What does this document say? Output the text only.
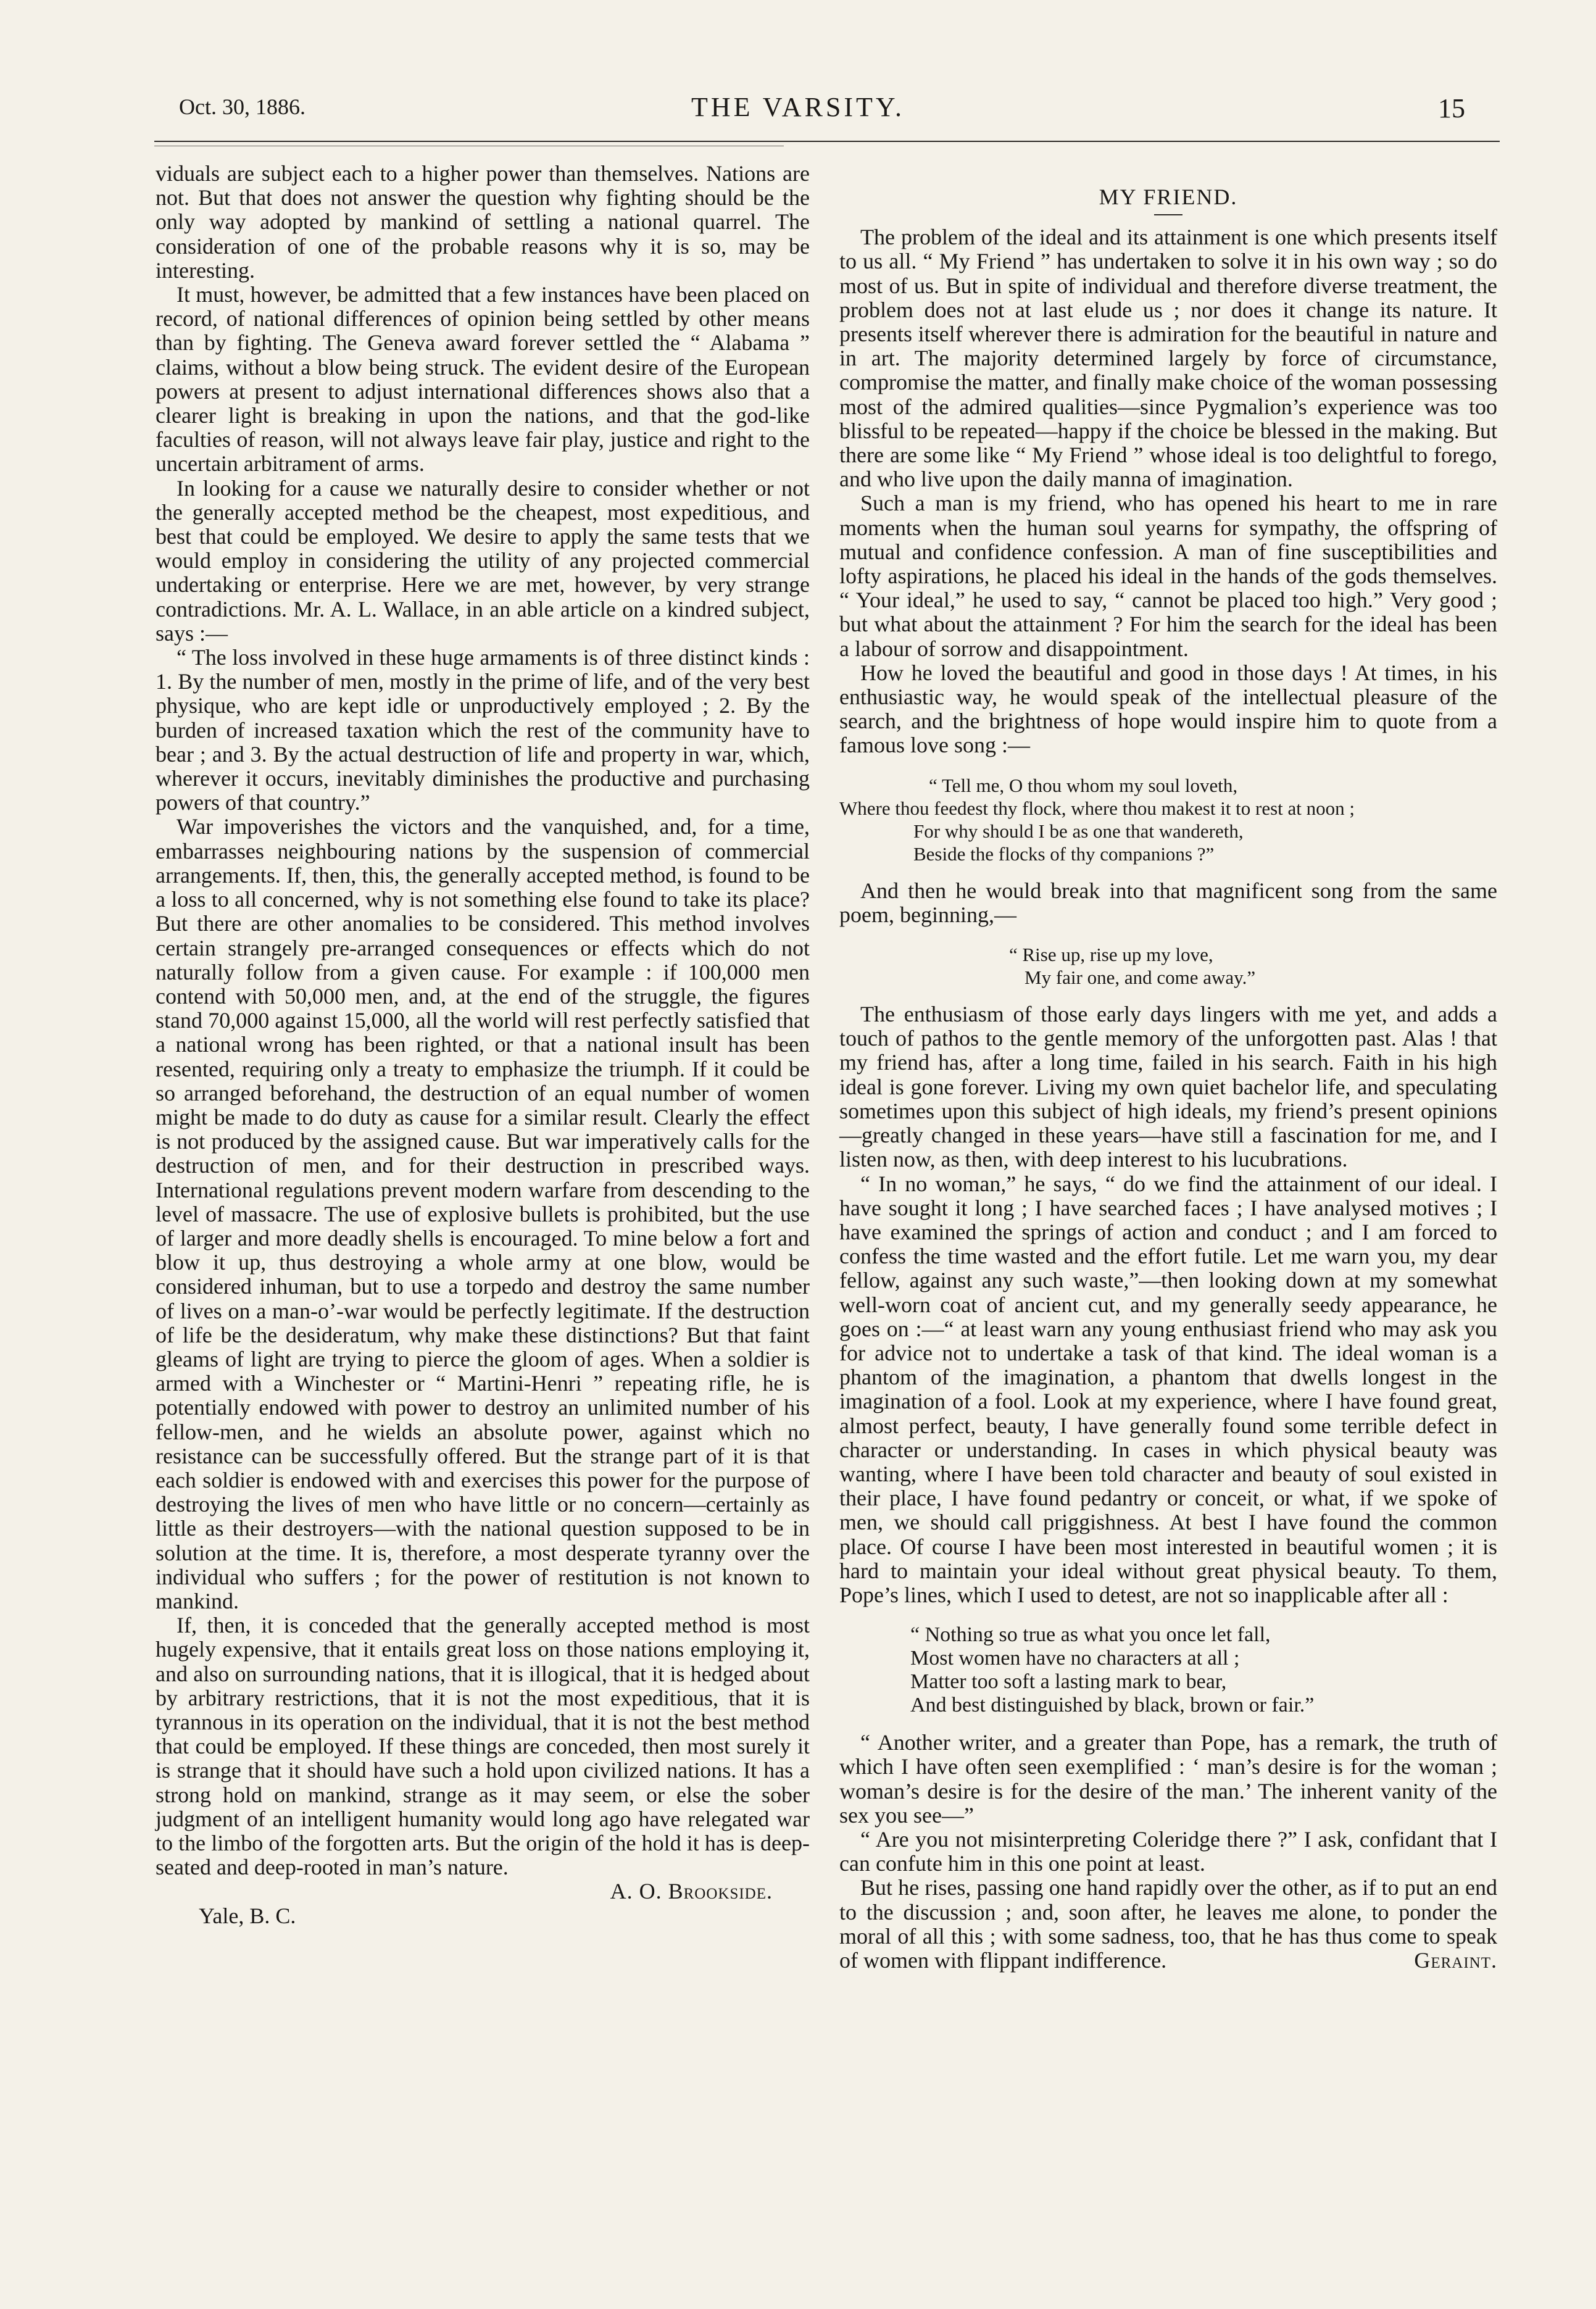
Oct. 30, 1886.	THE VARSITY.	15

viduals are subject each to a higher power than themselves. Nations are not. But that does not answer the question why fighting should be the only way adopted by mankind of settling a national quarrel. The consideration of one of the probable reasons why it is so, may be interesting.

It must, however, be admitted that a few instances have been placed on record, of national differences of opinion being settled by other means than by fighting. The Geneva award forever settled the “ Alabama ” claims, without a blow being struck. The evident desire of the European powers at present to adjust international differences shows also that a clearer light is breaking in upon the nations, and that the god-like faculties of reason, will not always leave fair play, justice and right to the uncertain arbitrament of arms.

In looking for a cause we naturally desire to consider whether or not the generally accepted method be the cheapest, most expeditious, and best that could be employed. We desire to apply the same tests that we would employ in considering the utility of any projected commercial undertaking or enterprise. Here we are met, however, by very strange contradictions. Mr. A. L. Wallace, in an able article on a kindred subject, says :—

“ The loss involved in these huge armaments is of three distinct kinds : 1. By the number of men, mostly in the prime of life, and of the very best physique, who are kept idle or unproductively employed ; 2. By the burden of increased taxation which the rest of the community have to bear ; and 3. By the actual destruction of life and property in war, which, wherever it occurs, inevitably diminishes the productive and purchasing powers of that country.”

War impoverishes the victors and the vanquished, and, for a time, embarrasses neighbouring nations by the suspension of commercial arrangements. If, then, this, the generally accepted method, is found to be a loss to all concerned, why is not something else found to take its place? But there are other anomalies to be considered. This method involves certain strangely pre-arranged consequences or effects which do not naturally follow from a given cause. For example : if 100,000 men contend with 50,000 men, and, at the end of the struggle, the figures stand 70,000 against 15,000, all the world will rest perfectly satisfied that a national wrong has been righted, or that a national insult has been resented, requiring only a treaty to emphasize the triumph. If it could be so arranged beforehand, the destruction of an equal number of women might be made to do duty as cause for a similar result. Clearly the effect is not produced by the assigned cause. But war imperatively calls for the destruction of men, and for their destruction in prescribed ways. International regulations prevent modern warfare from descending to the level of massacre. The use of explosive bullets is prohibited, but the use of larger and more deadly shells is encouraged. To mine below a fort and blow it up, thus destroying a whole army at one blow, would be considered inhuman, but to use a torpedo and destroy the same number of lives on a man-o’-war would be perfectly legitimate. If the destruction of life be the desideratum, why make these distinctions? But that faint gleams of light are trying to pierce the gloom of ages. When a soldier is armed with a Winchester or “ Martini-Henri ” repeating rifle, he is potentially endowed with power to destroy an unlimited number of his fellow-men, and he wields an absolute power, against which no resistance can be successfully offered. But the strange part of it is that each soldier is endowed with and exercises this power for the purpose of destroying the lives of men who have little or no concern—certainly as little as their destroyers—with the national question supposed to be in solution at the time. It is, therefore, a most desperate tyranny over the individual who suffers ; for the power of restitution is not known to mankind.

If, then, it is conceded that the generally accepted method is most hugely expensive, that it entails great loss on those nations employing it, and also on surrounding nations, that it is illogical, that it is hedged about by arbitrary restrictions, that it is not the most expeditious, that it is tyrannous in its operation on the individual, that it is not the best method that could be employed. If these things are conceded, then most surely it is strange that it should have such a hold upon civilized nations. It has a strong hold on mankind, strange as it may seem, or else the sober judgment of an intelligent humanity would long ago have relegated war to the limbo of the forgotten arts. But the origin of the hold it has is deep-seated and deep-rooted in man’s nature.

A. O. Brookside.
Yale, B. C.
MY FRIEND.

The problem of the ideal and its attainment is one which presents itself to us all. “ My Friend ” has undertaken to solve it in his own way ; so do most of us. But in spite of individual and therefore diverse treatment, the problem does not at last elude us ; nor does it change its nature. It presents itself wherever there is admiration for the beautiful in nature and in art. The majority determined largely by force of circumstance, compromise the matter, and finally make choice of the woman possessing most of the admired qualities—since Pygmalion’s experience was too blissful to be repeated—happy if the choice be blessed in the making. But there are some like “ My Friend ” whose ideal is too delightful to forego, and who live upon the daily manna of imagination.

Such a man is my friend, who has opened his heart to me in rare moments when the human soul yearns for sympathy, the offspring of mutual and confidence confession. A man of fine susceptibilities and lofty aspirations, he placed his ideal in the hands of the gods themselves. “ Your ideal,” he used to say, “ cannot be placed too high.” Very good ; but what about the attainment ? For him the search for the ideal has been a labour of sorrow and disappointment.

How he loved the beautiful and good in those days ! At times, in his enthusiastic way, he would speak of the intellectual pleasure of the search, and the brightness of hope would inspire him to quote from a famous love song :—

“ Tell me, O thou whom my soul loveth,
Where thou feedest thy flock, where thou makest it to rest at noon ;
For why should I be as one that wandereth,
Beside the flocks of thy companions ?”

And then he would break into that magnificent song from the same poem, beginning,—

“ Rise up, rise up my love,
My fair one, and come away.”

The enthusiasm of those early days lingers with me yet, and adds a touch of pathos to the gentle memory of the unforgotten past. Alas ! that my friend has, after a long time, failed in his search. Faith in his high ideal is gone forever. Living my own quiet bachelor life, and speculating sometimes upon this subject of high ideals, my friend’s present opinions—greatly changed in these years—have still a fascination for me, and I listen now, as then, with deep interest to his lucubrations.

“ In no woman,” he says, “ do we find the attainment of our ideal. I have sought it long ; I have searched faces ; I have analysed motives ; I have examined the springs of action and conduct ; and I am forced to confess the time wasted and the effort futile. Let me warn you, my dear fellow, against any such waste,”—then looking down at my somewhat well-worn coat of ancient cut, and my generally seedy appearance, he goes on :—“ at least warn any young enthusiast friend who may ask you for advice not to undertake a task of that kind. The ideal woman is a phantom of the imagination, a phantom that dwells longest in the imagination of a fool. Look at my experience, where I have found great, almost perfect, beauty, I have generally found some terrible defect in character or understanding. In cases in which physical beauty was wanting, where I have been told character and beauty of soul existed in their place, I have found pedantry or conceit, or what, if we spoke of men, we should call priggishness. At best I have found the common place. Of course I have been most interested in beautiful women ; it is hard to maintain your ideal without great physical beauty. To them, Pope’s lines, which I used to detest, are not so inapplicable after all :

“ Nothing so true as what you once let fall,
Most women have no characters at all ;
Matter too soft a lasting mark to bear,
And best distinguished by black, brown or fair.”

“ Another writer, and a greater than Pope, has a remark, the truth of which I have often seen exemplified : ‘ man’s desire is for the woman ; woman’s desire is for the desire of the man.’ The inherent vanity of the sex you see—”

“ Are you not misinterpreting Coleridge there ?” I ask, confidant that I can confute him in this one point at least.

But he rises, passing one hand rapidly over the other, as if to put an end to the discussion ; and, soon after, he leaves me alone, to ponder the moral of all this ; with some sadness, too, that he has thus come to speak of women with flippant indifference.	Geraint.
